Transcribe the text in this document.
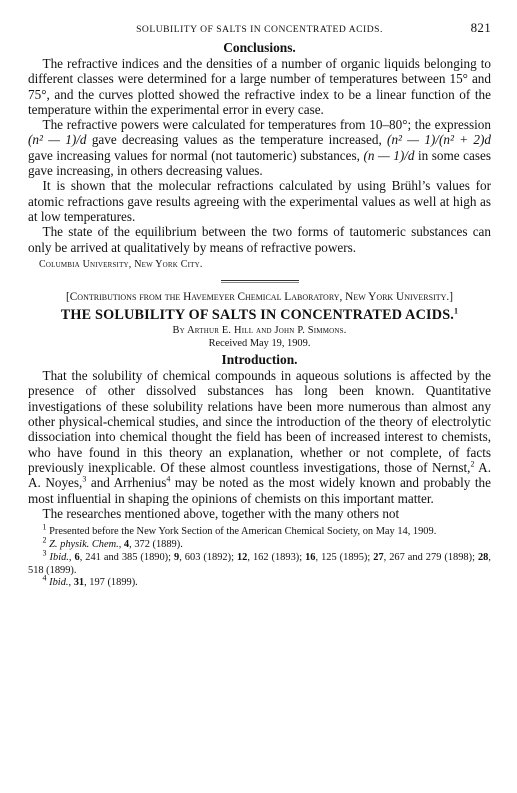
SOLUBILITY OF SALTS IN CONCENTRATED ACIDS.	821
Conclusions.

The refractive indices and the densities of a number of organic liquids belonging to different classes were determined for a large number of temperatures between 15° and 75°, and the curves plotted showed the refractive index to be a linear function of the temperature within the experimental error in every case.

The refractive powers were calculated for temperatures from 10–80°; the expression (n² — 1)/d gave decreasing values as the temperature increased, (n² — 1)/(n² + 2)d gave increasing values for normal (not tautomeric) substances, (n — 1)/d in some cases gave increasing, in others decreasing values.

It is shown that the molecular refractions calculated by using Brühl’s values for atomic refractions gave results agreeing with the experimental values as well at high as at low temperatures.

The state of the equilibrium between the two forms of tautomeric substances can only be arrived at qualitatively by means of refractive powers.

Columbia University, New York City.

[Contributions from the Havemeyer Chemical Laboratory, New York University.]

THE SOLUBILITY OF SALTS IN CONCENTRATED ACIDS.$^1$
By Arthur E. Hill and John P. Simmons.
Received May 19, 1909.
Introduction.

That the solubility of chemical compounds in aqueous solutions is affected by the presence of other dissolved substances has long been known. Quantitative investigations of these solubility relations have been more numerous than almost any other physical-chemical studies, and since the introduction of the theory of electrolytic dissociation into chemical thought the field has been of increased interest to chemists, who have found in this theory an explanation, whether or not complete, of facts previously inexplicable. Of these almost countless investigations, those of Nernst,$^2$ A. A. Noyes,$^3$ and Arrhenius$^4$ may be noted as the most widely known and probably the most influential in shaping the opinions of chemists on this important matter.

The researches mentioned above, together with the many others not

$^1$ Presented before the New York Section of the American Chemical Society, on May 14, 1909.
$^2$ Z. physik. Chem., 4, 372 (1889).
$^3$ Ibid., 6, 241 and 385 (1890); 9, 603 (1892); 12, 162 (1893); 16, 125 (1895); 27, 267 and 279 (1898); 28, 518 (1899).
$^4$ Ibid., 31, 197 (1899).
